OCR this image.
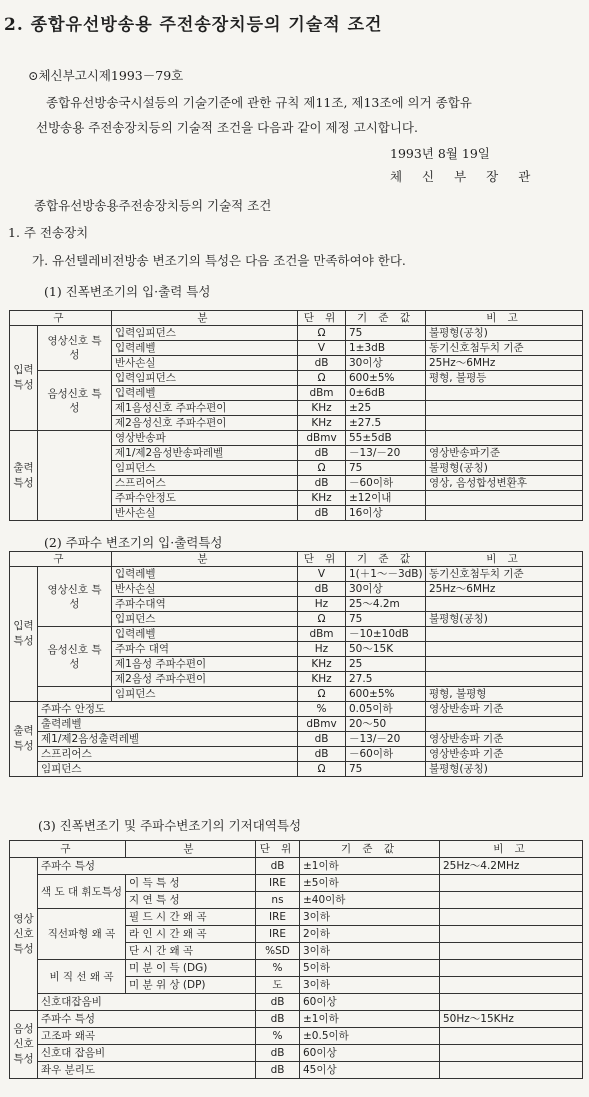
2. 종합유선방송용 주전송장치등의 기술적 조건
⊙체신부고시제1993－79호
종합유선방송국시설등의 기술기준에 관한 규칙 제11조, 제13조에 의거 종합유
선방송용 주전송장치등의 기술적 조건을 다음과 같이 제정 고시합니다.
1993년 8월 19일
체 신 부 장 관
종합유선방송용주전송장치등의 기술적 조건
1. 주 전송장치
가. 유선텔레비전방송 변조기의 특성은 다음 조건을 만족하여야 한다.
(1) 진폭변조기의 입·출력 특성
(2) 주파수 변조기의 입·출력특성
(3) 진폭변조기 및 주파수변조기의 기저대역특성
구		분	단 위	기 준 값	비 고
입력특성	영상신호 특 성	입력임피던스	Ω	75	불평형(공칭)
		입력레벨	V	1±3dB	동기신호첨두치 기준
		반사손실	dB	30이상	25Hz～6MHz
	음성신호 특 성	입력임피던스	Ω	600±5%	평형, 불평등
		입력레벨	dBm	0±6dB	
		제1음성신호 주파수편이	KHz	±25	
		제2음성신호 주파수편이	KHz	±27.5	
출력특성		영상반송파	dBmv	55±5dB	
		제1/제2음성반송파레벨	dB	－13/－20	영상반송파기준
		임피던스	Ω	75	불평형(공칭)
		스프리어스	dB	－60이하	영상, 음성합성변환후
		주파수안정도	KHz	±12이내	
		반사손실	dB	16이상	
구		분	단 위	기 준 값	비 고
입력특성	영상신호 특 성	입력레벨	V	1(＋1～－3dB)	동기신호첨두치 기준
		반사손실	dB	30이상	25Hz～6MHz
		주파수대역	Hz	25～4.2m	
		입피던스	Ω	75	불평형(공칭)
	음성신호 특 성	입력레벨	dBm	－10±10dB	
		주파수 대역	Hz	50～15K	
		제1음성 주파수편이	KHz	25	
		제2음성 주파수편이	KHz	27.5	
		임피던스	Ω	600±5%	평형, 불평형
출력특성	주파수 안정도		%	0.05이하	영상반송파 기준
	출력레벨		dBmv	20～50	
	제1/제2음성출력레벨		dB	－13/－20	영상반송파 기준
	스프리어스		dB	－60이하	영상반송파 기준
	임피던스		Ω	75	불평형(공칭)
구		분	단 위	기 준 값	비 고
영상신호특성	주파수 특성		dB	±1이하	25Hz～4.2MHz
	색 도 대 휘도특성	이 득 특 성	IRE	±5이하	
		지 연 특 성	ns	±40이하	
	직선파형 왜 곡	필 드 시 간 왜 곡	IRE	3이하	
		라 인 시 간 왜 곡	IRE	2이하	
		단 시 간 왜 곡	%SD	3이하	
	비 직 선 왜 곡	미 분 이 득 (DG)	%	5이하	
		미 분 위 상 (DP)	도	3이하	
	신호대잡음비		dB	60이상	
음성신호특성	주파수 특성		dB	±1이하	50Hz～15KHz
	고조파 왜곡		%	±0.5이하	
	신호대 잡음비		dB	60이상	
	좌우 분리도		dB	45이상	
